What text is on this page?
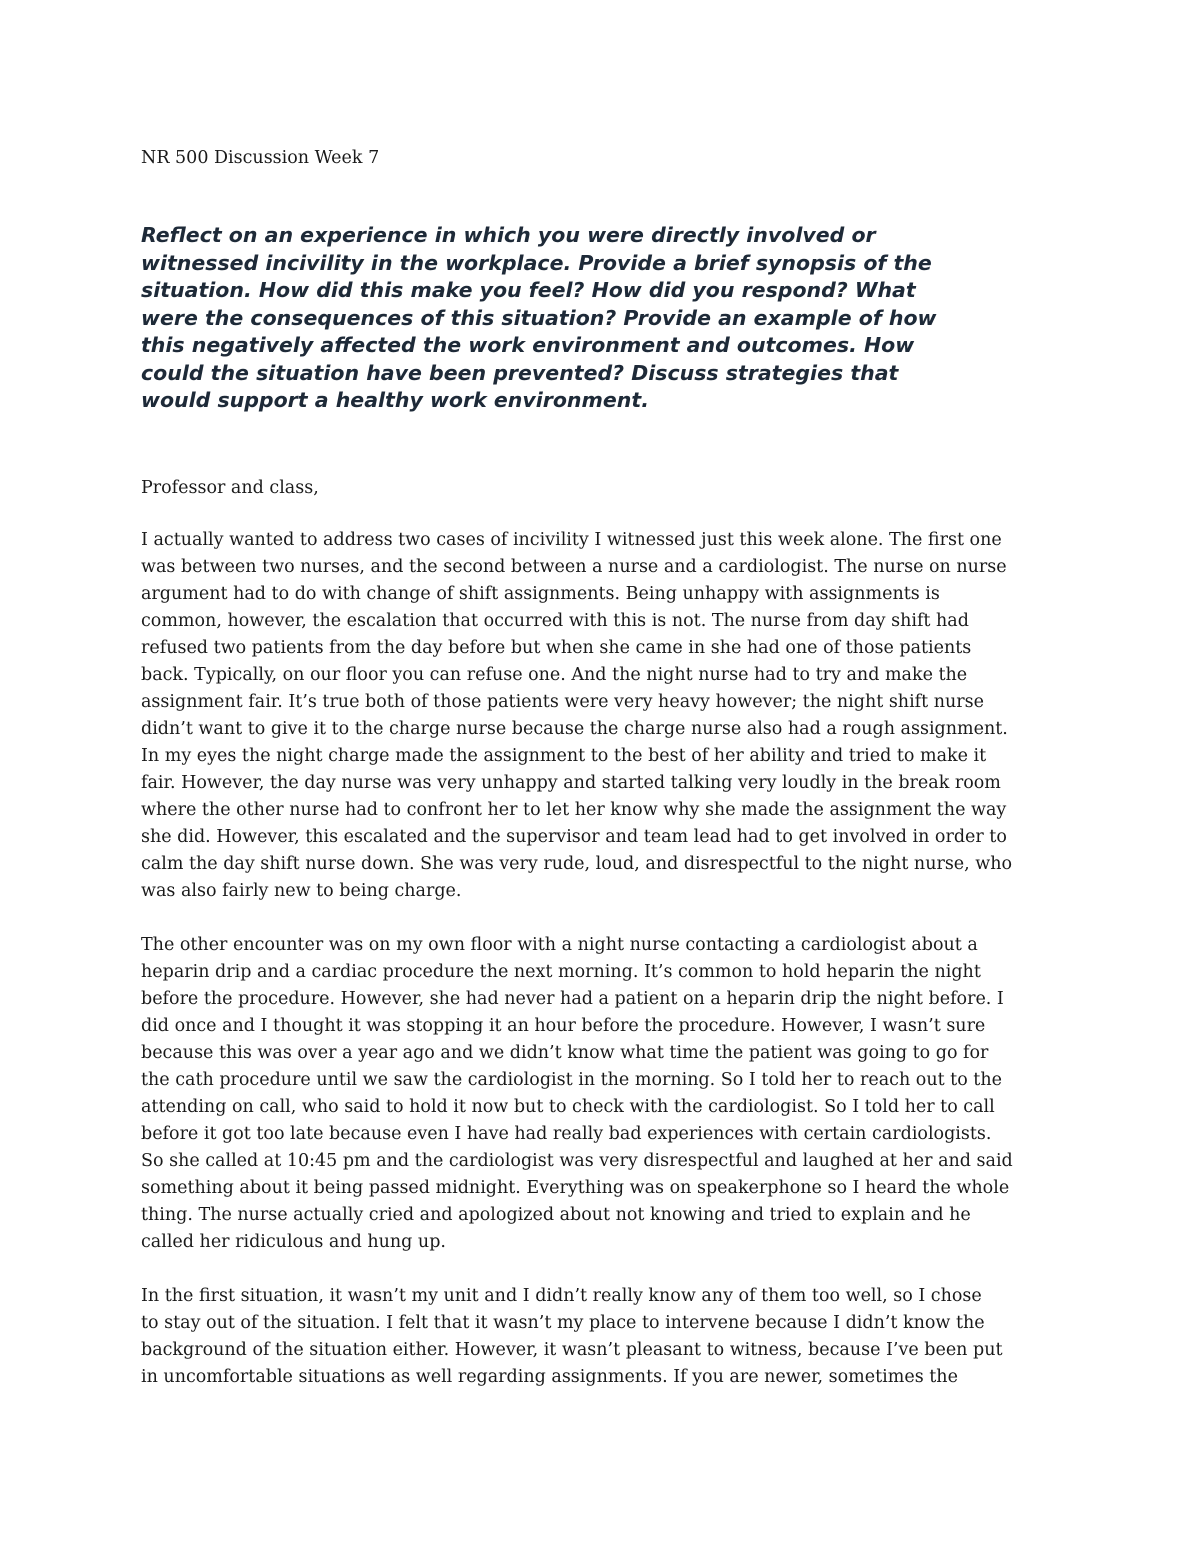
NR 500 Discussion Week 7

Reflect on an experience in which you were directly involved or
witnessed incivility in the workplace. Provide a brief synopsis of the
situation. How did this make you feel? How did you respond? What
were the consequences of this situation? Provide an example of how
this negatively affected the work environment and outcomes. How
could the situation have been prevented? Discuss strategies that
would support a healthy work environment.

Professor and class,

I actually wanted to address two cases of incivility I witnessed just this week alone. The first one
was between two nurses, and the second between a nurse and a cardiologist. The nurse on nurse
argument had to do with change of shift assignments. Being unhappy with assignments is
common, however, the escalation that occurred with this is not. The nurse from day shift had
refused two patients from the day before but when she came in she had one of those patients
back. Typically, on our floor you can refuse one. And the night nurse had to try and make the
assignment fair. It’s true both of those patients were very heavy however; the night shift nurse
didn’t want to give it to the charge nurse because the charge nurse also had a rough assignment.
In my eyes the night charge made the assignment to the best of her ability and tried to make it
fair. However, the day nurse was very unhappy and started talking very loudly in the break room
where the other nurse had to confront her to let her know why she made the assignment the way
she did. However, this escalated and the supervisor and team lead had to get involved in order to
calm the day shift nurse down. She was very rude, loud, and disrespectful to the night nurse, who
was also fairly new to being charge.
The other encounter was on my own floor with a night nurse contacting a cardiologist about a
heparin drip and a cardiac procedure the next morning. It’s common to hold heparin the night
before the procedure. However, she had never had a patient on a heparin drip the night before. I
did once and I thought it was stopping it an hour before the procedure. However, I wasn’t sure
because this was over a year ago and we didn’t know what time the patient was going to go for
the cath procedure until we saw the cardiologist in the morning. So I told her to reach out to the
attending on call, who said to hold it now but to check with the cardiologist. So I told her to call
before it got too late because even I have had really bad experiences with certain cardiologists.
So she called at 10:45 pm and the cardiologist was very disrespectful and laughed at her and said
something about it being passed midnight. Everything was on speakerphone so I heard the whole
thing. The nurse actually cried and apologized about not knowing and tried to explain and he
called her ridiculous and hung up.
In the first situation, it wasn’t my unit and I didn’t really know any of them too well, so I chose
to stay out of the situation. I felt that it wasn’t my place to intervene because I didn’t know the
background of the situation either. However, it wasn’t pleasant to witness, because I’ve been put
in uncomfortable situations as well regarding assignments. If you are newer, sometimes the
